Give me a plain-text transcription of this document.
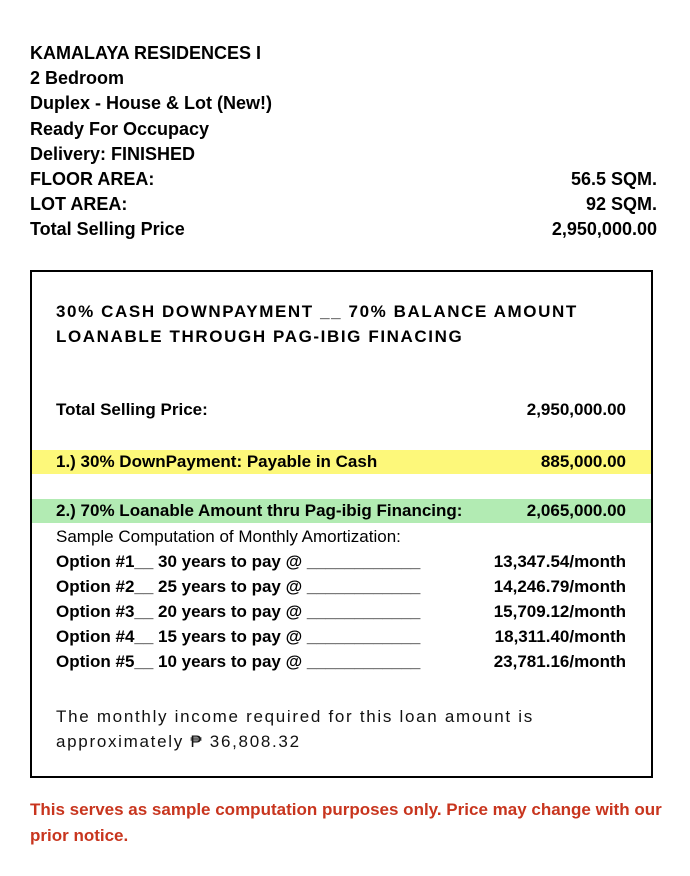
KAMALAYA RESIDENCES I
2 Bedroom
Duplex - House & Lot (New!)
Ready For Occupacy
Delivery: FINISHED
FLOOR AREA:	56.5 SQM.
LOT AREA:	92 SQM.
Total Selling Price	2,950,000.00
30% CASH DOWNPAYMENT __ 70% BALANCE AMOUNT LOANABLE THROUGH PAG-IBIG FINACING
Total Selling Price:	2,950,000.00
1.) 30% DownPayment: Payable in Cash	885,000.00
2.) 70% Loanable Amount thru Pag-ibig Financing:	2,065,000.00
Sample Computation of Monthly Amortization:
Option #1__ 30 years to pay @ ____________	13,347.54/month
Option #2__ 25 years to pay @ ____________	14,246.79/month
Option #3__ 20 years to pay @ ____________	15,709.12/month
Option #4__ 15 years to pay @ ____________	18,311.40/month
Option #5__ 10 years to pay @ ____________	23,781.16/month
The monthly income required for this loan amount is approximately ₱ 36,808.32
This serves as sample computation purposes only. Price may change with our prior notice.
